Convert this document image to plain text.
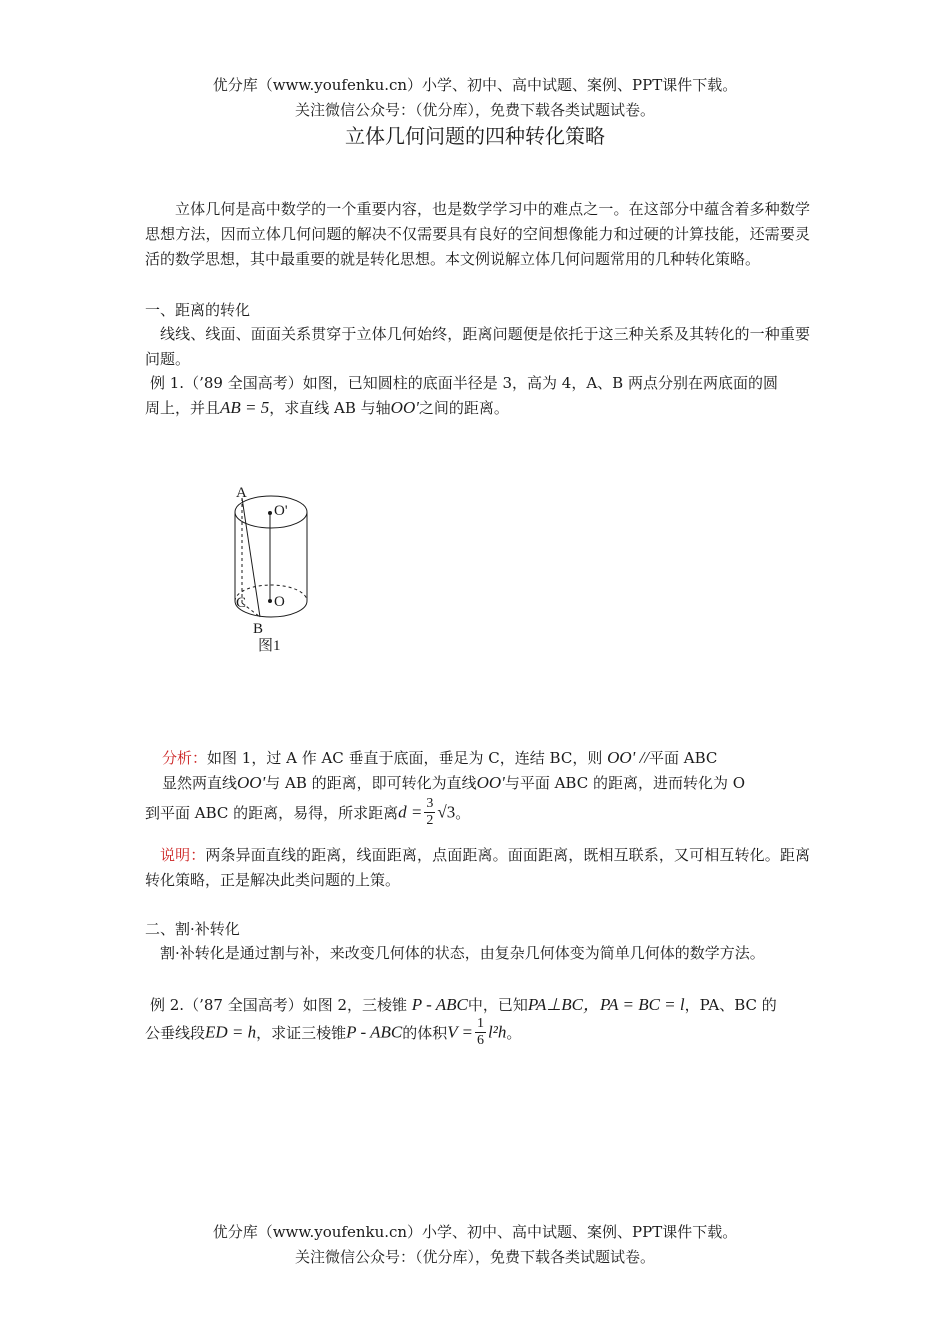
优分库（www.youfenku.cn）小学、初中、高中试题、案例、PPT课件下载。
关注微信公众号：（优分库），免费下载各类试题试卷。
立体几何问题的四种转化策略
立体几何是高中数学的一个重要内容，也是数学学习中的难点之一。在这部分中蕴含着多种数学思想方法，因而立体几何问题的解决不仅需要具有良好的空间想像能力和过硬的计算技能，还需要灵活的数学思想，其中最重要的就是转化思想。本文例说解立体几何问题常用的几种转化策略。
一、距离的转化
线线、线面、面面关系贯穿于立体几何始终，距离问题便是依托于这三种关系及其转化的一种重要问题。
例 1.（’89 全国高考）如图，已知圆柱的底面半径是 3，高为 4，A、B 两点分别在两底面的圆
周上，并且AB = 5，求直线 AB 与轴OO'之间的距离。
A
O'
C O
B
图1
分析：如图 1，过 A 作 AC 垂直于底面，垂足为 C，连结 BC，则 OO' //平面 ABC
显然两直线OO'与 AB 的距离，即可转化为直线OO'与平面 ABC 的距离，进而转化为 O
到平面 ABC 的距离，易得，所求距离$d = \frac{3}{2} √3$。
说明：两条异面直线的距离，线面距离，点面距离。面面距离，既相互联系，又可相互转化。距离转化策略，正是解决此类问题的上策。
二、割·补转化
割·补转化是通过割与补，来改变几何体的状态，由复杂几何体变为简单几何体的数学方法。
例 2.（’87 全国高考）如图 2，三棱锥 P - ABC中，已知PA⊥BC，PA = BC = l，PA、BC 的
公垂线段ED = h，求证三棱锥P - ABC的体积$V = \frac{1}{6} l^2h$。
优分库（www.youfenku.cn）小学、初中、高中试题、案例、PPT课件下载。
关注微信公众号：（优分库），免费下载各类试题试卷。
